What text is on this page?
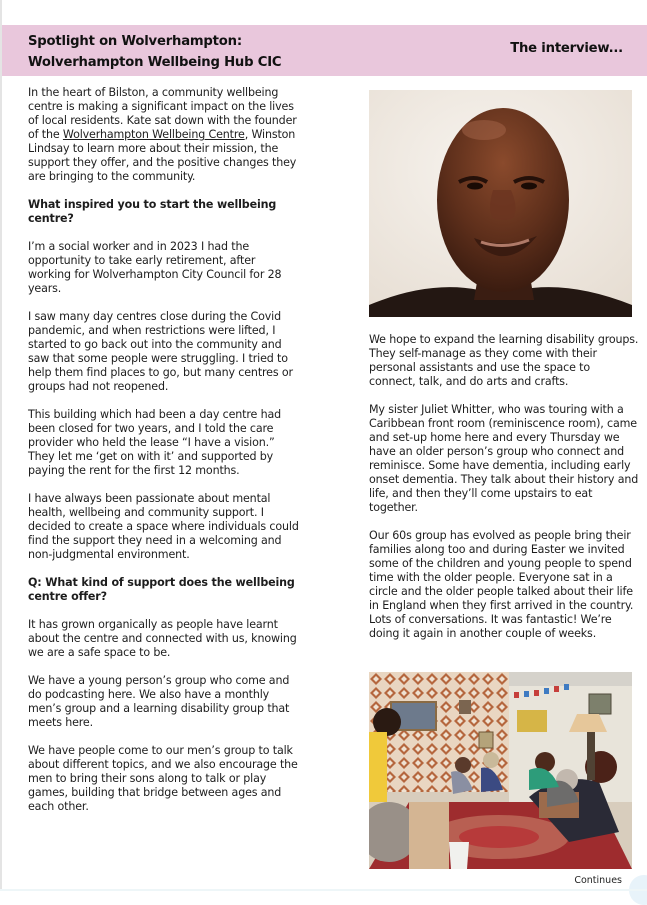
Spotlight on Wolverhampton:
Wolverhampton Wellbeing Hub CIC
The interview...

In the heart of Bilston, a community wellbeing centre is making a significant impact on the lives of local residents. Kate sat down with the founder of the Wolverhampton Wellbeing Centre, Winston Lindsay to learn more about their mission, the support they offer, and the positive changes they are bringing to the community.

What inspired you to start the wellbeing centre?

I’m a social worker and in 2023 I had the opportunity to take early retirement, after working for Wolverhampton City Council for 28 years.

I saw many day centres close during the Covid pandemic, and when restrictions were lifted, I started to go back out into the community and saw that some people were struggling. I tried to help them find places to go, but many centres or groups had not reopened.

This building which had been a day centre had been closed for two years, and I told the care provider who held the lease “I have a vision.” They let me ‘get on with it’ and supported by paying the rent for the first 12 months.

I have always been passionate about mental health, wellbeing and community support. I decided to create a space where individuals could find the support they need in a welcoming and non-judgmental environment.

Q: What kind of support does the wellbeing centre offer?

It has grown organically as people have learnt about the centre and connected with us, knowing we are a safe space to be.

We have a young person’s group who come and do podcasting here. We also have a monthly men’s group and a learning disability group that meets here.

We have people come to our men’s group to talk about different topics, and we also encourage the men to bring their sons along to talk or play games, building that bridge between ages and each other.

We hope to expand the learning disability groups. They self-manage as they come with their personal assistants and use the space to connect, talk, and do arts and crafts.

My sister Juliet Whitter, who was touring with a Caribbean front room (reminiscence room), came and set-up home here and every Thursday we have an older person’s group who connect and reminisce. Some have dementia, including early onset dementia. They talk about their history and life, and then they’ll come upstairs to eat together.

Our 60s group has evolved as people bring their families along too and during Easter we invited some of the children and young people to spend time with the older people. Everyone sat in a circle and the older people talked about their life in England when they first arrived in the country. Lots of conversations. It was fantastic! We’re doing it again in another couple of weeks.

Continues
